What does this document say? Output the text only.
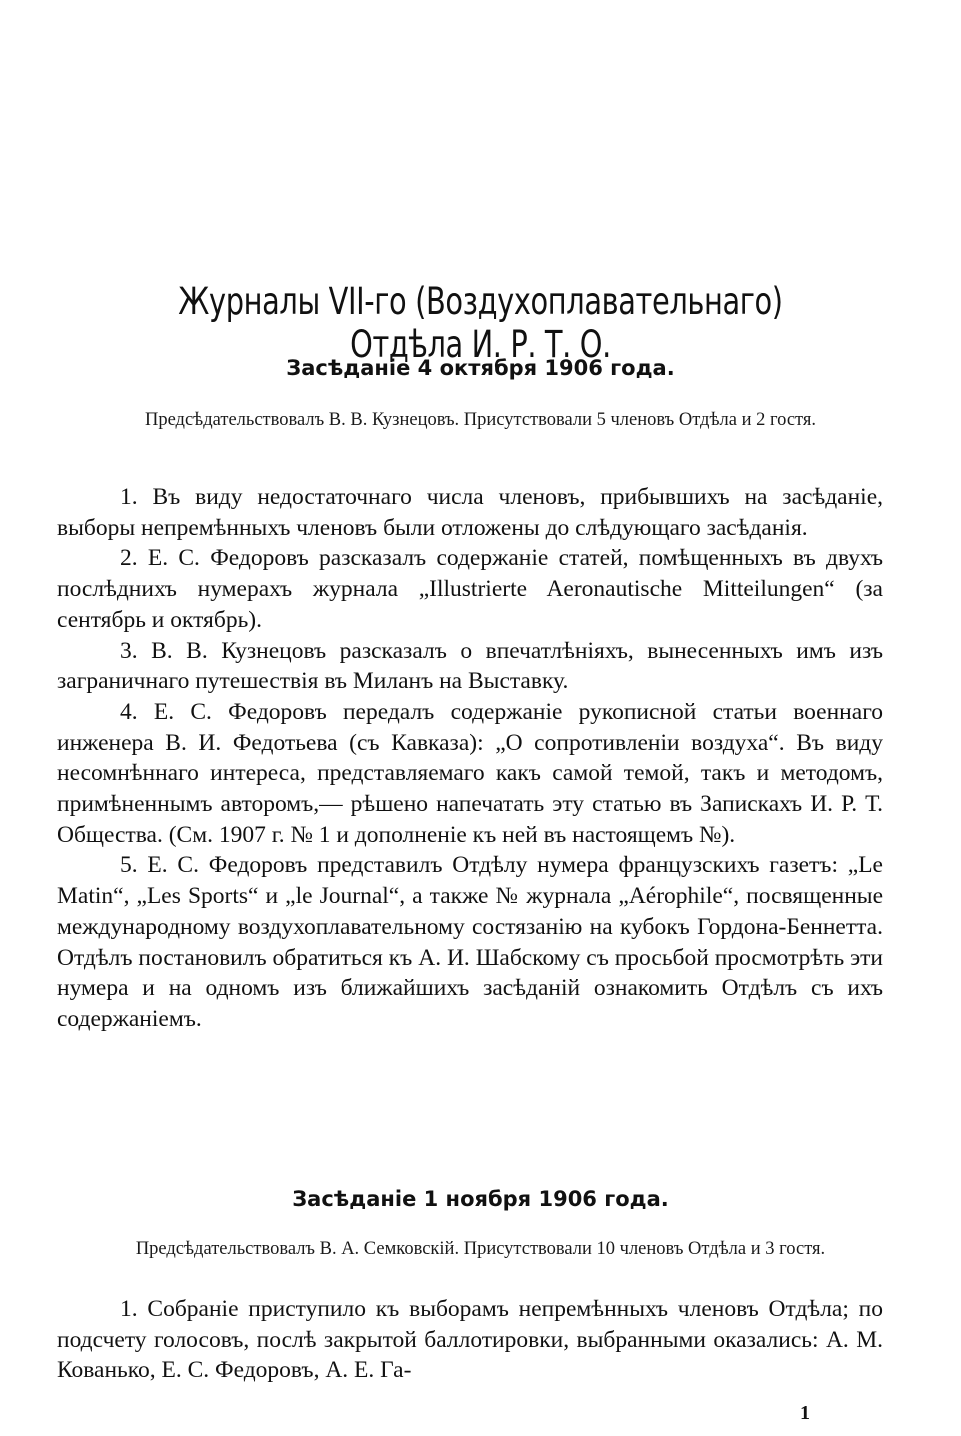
Журналы VII-го (Воздухоплавательнаго) Отдѣла И. Р. Т. О.
Засѣданіе 4 октября 1906 года.
Предсѣдательствовалъ В. В. Кузнецовъ. Присутствовали 5 членовъ Отдѣла и 2 гостя.

1. Въ виду недостаточнаго числа членовъ, прибывшихъ на засѣданіе, выборы непремѣнныхъ членовъ были отложены до слѣдующаго засѣданія.

2. Е. С. Федоровъ разсказалъ содержаніе статей, помѣщенныхъ въ двухъ послѣднихъ нумерахъ журнала „Illustrierte Aeronautische Mitteilungen“ (за сентябрь и октябрь).

3. В. В. Кузнецовъ разсказалъ о впечатлѣніяхъ, вынесенныхъ имъ изъ заграничнаго путешествія въ Миланъ на Выставку.

4. Е. С. Федоровъ передалъ содержаніе рукописной статьи военнаго инженера В. И. Федотьева (съ Кавказа): „О сопротивленіи воздуха“. Въ виду несомнѣннаго интереса, представляемаго какъ самой темой, такъ и методомъ, примѣненнымъ авторомъ,— рѣшено напечатать эту статью въ Запискахъ И. Р. Т. Общества. (См. 1907 г. № 1 и дополненіе къ ней въ настоящемъ №).

5. Е. С. Федоровъ представилъ Отдѣлу нумера французскихъ газетъ: „Le Matin“, „Les Sports“ и „le Journal“, а также № журнала „Aérophile“, посвященные международному воздухоплавательному состязанію на кубокъ Гордона-Беннетта. Отдѣлъ постановилъ обратиться къ А. И. Шабскому съ просьбой просмотрѣть эти нумера и на одномъ изъ ближайшихъ засѣданій ознакомить Отдѣлъ съ ихъ содержаніемъ.

Засѣданіе 1 ноября 1906 года.
Предсѣдательствовалъ В. А. Семковскій. Присутствовали 10 членовъ Отдѣла и 3 гостя.

1. Собраніе приступило къ выборамъ непремѣнныхъ членовъ Отдѣла; по подсчету голосовъ, послѣ закрытой баллотировки, выбранными оказались: А. М. Кованько, Е. С. Федоровъ, А. Е. Га-

1
